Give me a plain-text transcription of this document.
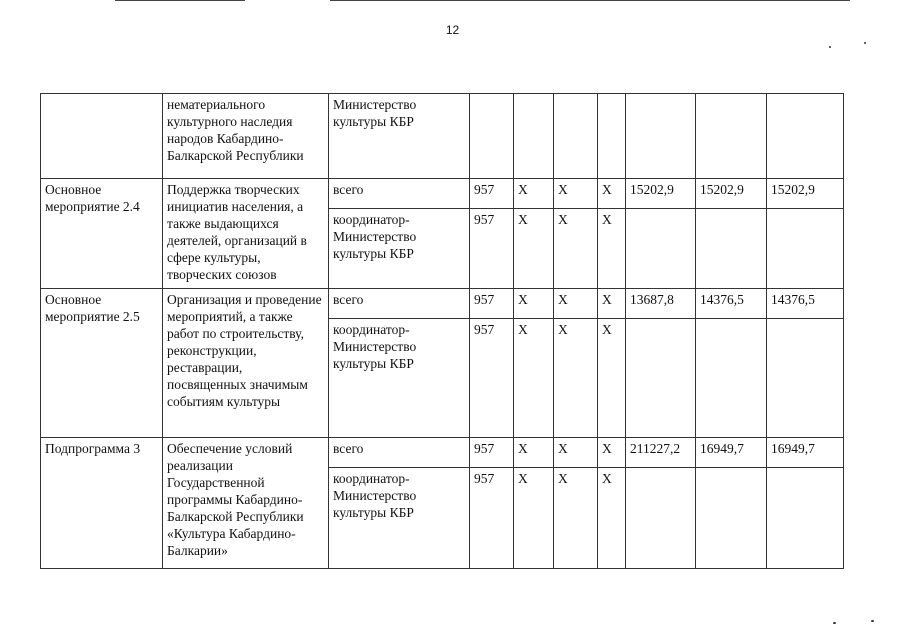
12
	нематериального культурного наследия народов Кабардино-Балкарской Республики	Министерство культуры КБР							
Основное мероприятие 2.4	Поддержка творческих инициатив населения, а также выдающихся деятелей, организаций в сфере культуры, творческих союзов	всего	957	X	X	X	15202,9	15202,9	15202,9
		координатор-Министерство культуры КБР	957	X	X	X			
Основное мероприятие 2.5	Организация и проведение мероприятий, а также работ по строительству, реконструкции, реставрации, посвященных значимым событиям культуры	всего	957	X	X	X	13687,8	14376,5	14376,5
		координатор-Министерство культуры КБР	957	X	X	X			
Подпрограмма 3	Обеспечение условий реализации Государственной программы Кабардино-Балкарской Республики «Культура Кабардино-Балкарии»	всего	957	X	X	X	211227,2	16949,7	16949,7
		координатор-Министерство культуры КБР	957	X	X	X			
